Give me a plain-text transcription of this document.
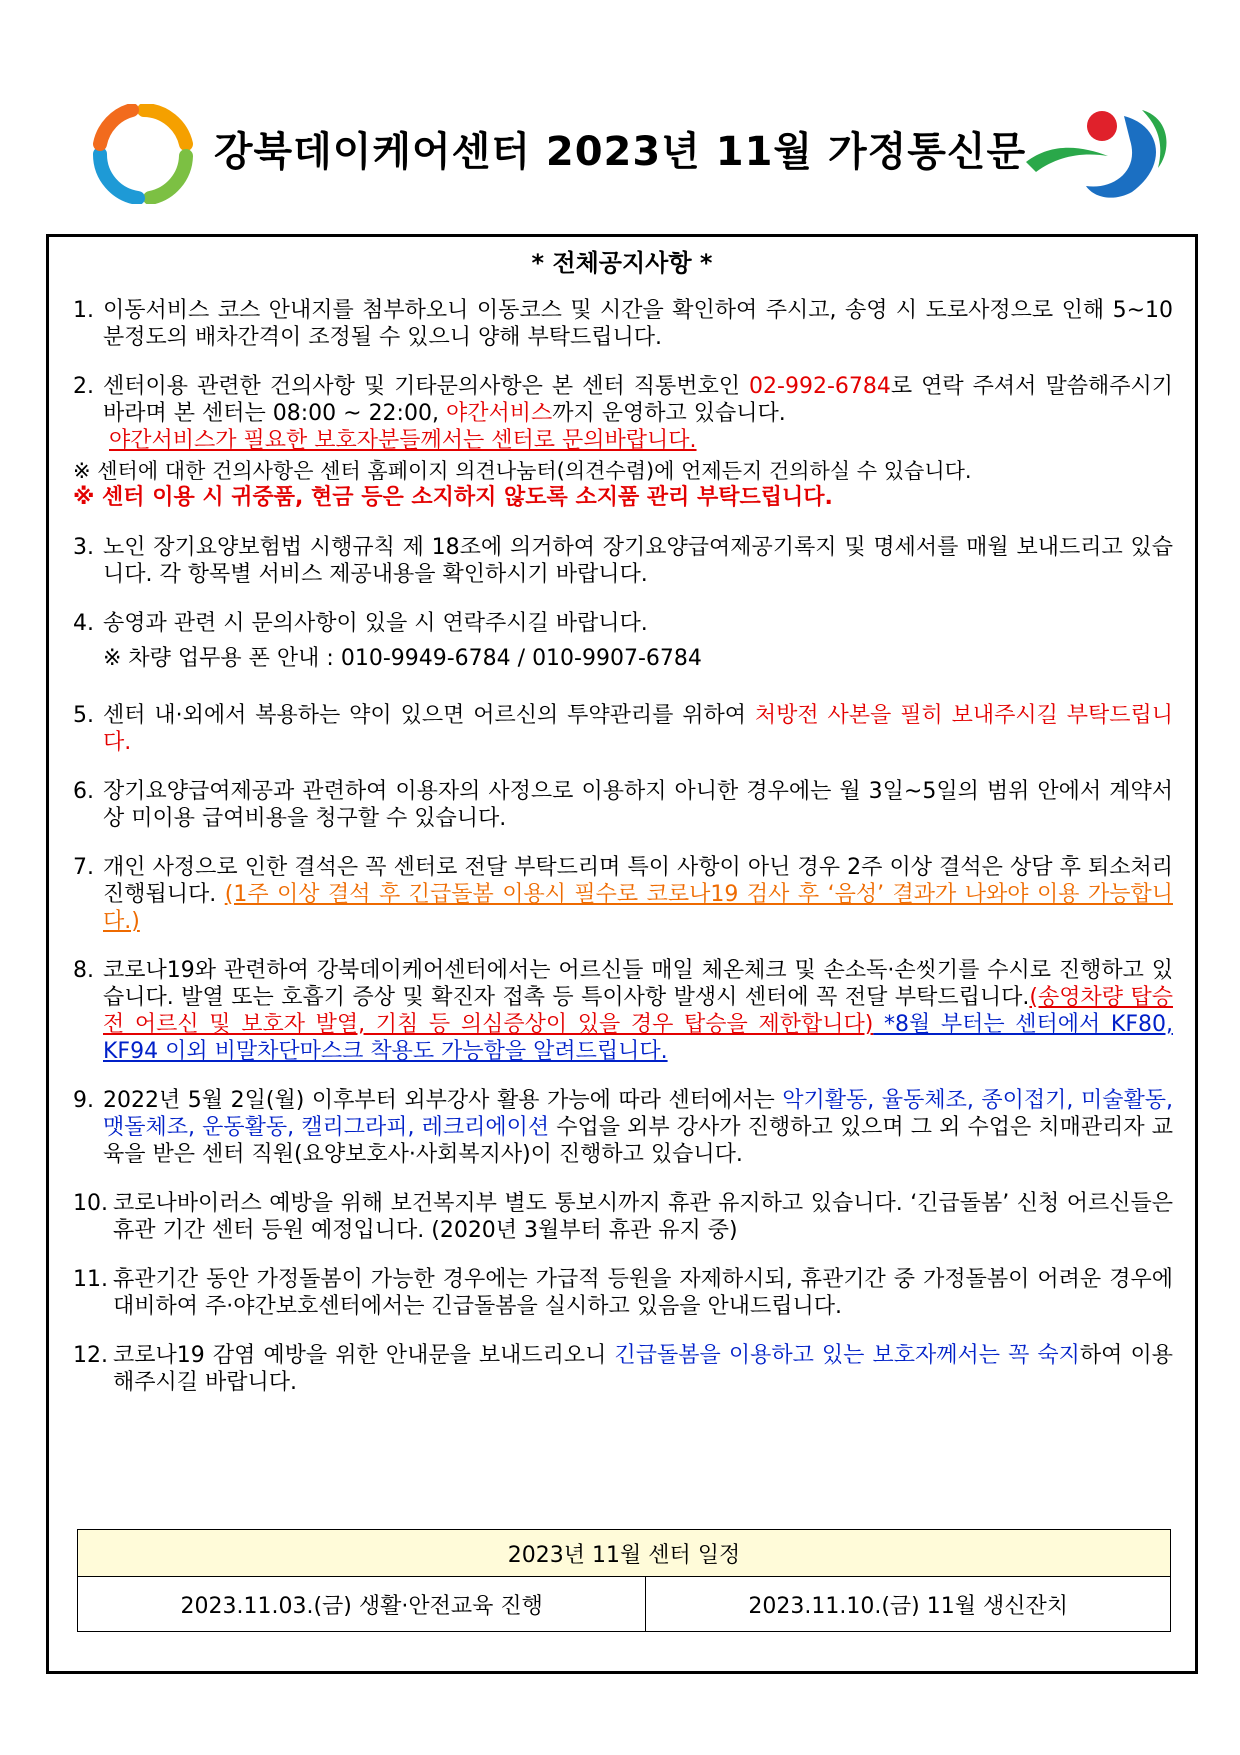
강북데이케어센터 2023년 11월 가정통신문
* 전체공지사항 *
1. 이동서비스 코스 안내지를 첨부하오니 이동코스 및 시간을 확인하여 주시고, 송영 시 도로사정으로 인해 5~10분정도의 배차간격이 조정될 수 있으니 양해 부탁드립니다.
2. 센터이용 관련한 건의사항 및 기타문의사항은 본 센터 직통번호인 02-992-6784로 연락 주셔서 말씀해주시기 바라며 본 센터는 08:00 ~ 22:00, 야간서비스까지 운영하고 있습니다.
야간서비스가 필요한 보호자분들께서는 센터로 문의바랍니다.
※ 센터에 대한 건의사항은 센터 홈페이지 의견나눔터(의견수렴)에 언제든지 건의하실 수 있습니다.
※ 센터 이용 시 귀중품, 현금 등은 소지하지 않도록 소지품 관리 부탁드립니다.
3. 노인 장기요양보험법 시행규칙 제 18조에 의거하여 장기요양급여제공기록지 및 명세서를 매월 보내드리고 있습니다. 각 항목별 서비스 제공내용을 확인하시기 바랍니다.
4. 송영과 관련 시 문의사항이 있을 시 연락주시길 바랍니다.
※ 차량 업무용 폰 안내 : 010-9949-6784 / 010-9907-6784
5. 센터 내·외에서 복용하는 약이 있으면 어르신의 투약관리를 위하여 처방전 사본을 필히 보내주시길 부탁드립니다.
6. 장기요양급여제공과 관련하여 이용자의 사정으로 이용하지 아니한 경우에는 월 3일~5일의 범위 안에서 계약서상 미이용 급여비용을 청구할 수 있습니다.
7. 개인 사정으로 인한 결석은 꼭 센터로 전달 부탁드리며 특이 사항이 아닌 경우 2주 이상 결석은 상담 후 퇴소처리 진행됩니다. (1주 이상 결석 후 긴급돌봄 이용시 필수로 코로나19 검사 후 ‘음성’ 결과가 나와야 이용 가능합니다.)
8. 코로나19와 관련하여 강북데이케어센터에서는 어르신들 매일 체온체크 및 손소독·손씻기를 수시로 진행하고 있습니다. 발열 또는 호흡기 증상 및 확진자 접촉 등 특이사항 발생시 센터에 꼭 전달 부탁드립니다.(송영차량 탑승전 어르신 및 보호자 발열, 기침 등 의심증상이 있을 경우 탑승을 제한합니다) *8월 부터는 센터에서 KF80, KF94 이외 비말차단마스크 착용도 가능함을 알려드립니다.
9. 2022년 5월 2일(월) 이후부터 외부강사 활용 가능에 따라 센터에서는 악기활동, 율동체조, 종이접기, 미술활동, 맷돌체조, 운동활동, 캘리그라피, 레크리에이션 수업을 외부 강사가 진행하고 있으며 그 외 수업은 치매관리자 교육을 받은 센터 직원(요양보호사·사회복지사)이 진행하고 있습니다.
10. 코로나바이러스 예방을 위해 보건복지부 별도 통보시까지 휴관 유지하고 있습니다. ‘긴급돌봄’ 신청 어르신들은 휴관 기간 센터 등원 예정입니다. (2020년 3월부터 휴관 유지 중)
11. 휴관기간 동안 가정돌봄이 가능한 경우에는 가급적 등원을 자제하시되, 휴관기간 중 가정돌봄이 어려운 경우에 대비하여 주·야간보호센터에서는 긴급돌봄을 실시하고 있음을 안내드립니다.
12. 코로나19 감염 예방을 위한 안내문을 보내드리오니 긴급돌봄을 이용하고 있는 보호자께서는 꼭 숙지하여 이용해주시길 바랍니다.
2023년 11월 센터 일정
2023.11.03.(금) 생활·안전교육 진행	2023.11.10.(금) 11월 생신잔치
